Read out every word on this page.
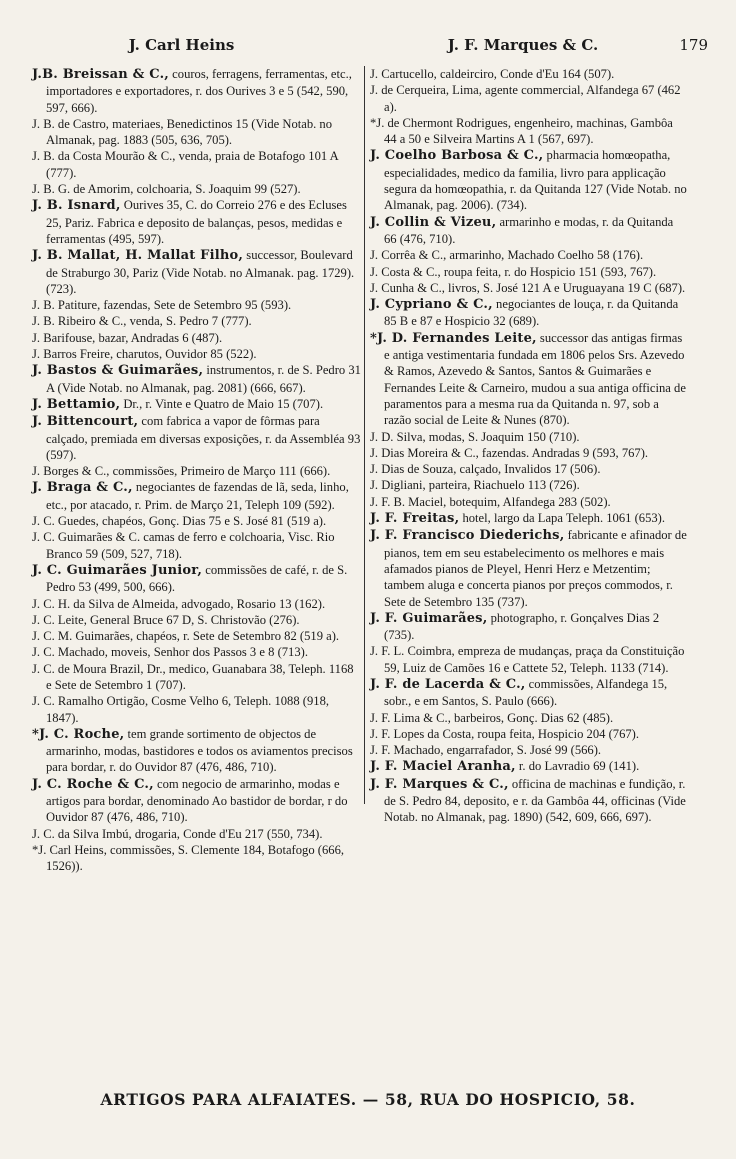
J. Carl Heins	J. F. Marques & C.	179

J.B. Breissan & C., couros, ferragens, ferramentas, etc., importadores e exportadores, r. dos Ourives 3 e 5 (542, 590, 597, 666).

J. B. de Castro, materiaes, Benedictinos 15 (Vide Notab. no Almanak, pag. 1883 (505, 636, 705).

J. B. da Costa Mourão & C., venda, praia de Botafogo 101 A (777).

J. B. G. de Amorim, colchoaria, S. Joaquim 99 (527).

J. B. Isnard, Ourives 35, C. do Correio 276 e des Ecluses 25, Pariz. Fabrica e deposito de balanças, pesos, medidas e ferramentas (495, 597).

J. B. Mallat, H. Mallat Filho, successor, Boulevard de Straburgo 30, Pariz (Vide Notab. no Almanak. pag. 1729). (723).

J. B. Patiture, fazendas, Sete de Setembro 95 (593).

J. B. Ribeiro & C., venda, S. Pedro 7 (777).

J. Barifouse, bazar, Andradas 6 (487).

J. Barros Freire, charutos, Ouvidor 85 (522).

J. Bastos & Guimarães, instrumentos, r. de S. Pedro 31 A (Vide Notab. no Almanak, pag. 2081) (666, 667).

J. Bettamio, Dr., r. Vinte e Quatro de Maio 15 (707).

J. Bittencourt, com fabrica a vapor de fôrmas para calçado, premiada em diversas exposições, r. da Assembléa 93 (597).

J. Borges & C., commissões, Primeiro de Março 111 (666).

J. Braga & C., negociantes de fazendas de lã, seda, linho, etc., por atacado, r. Prim. de Março 21, Teleph 109 (592).

J. C. Guedes, chapéos, Gonç. Dias 75 e S. José 81 (519 a).

J. C. Guimarães & C. camas de ferro e colchoaria, Visc. Rio Branco 59 (509, 527, 718).

J. C. Guimarães Junior, commissões de café, r. de S. Pedro 53 (499, 500, 666).

J. C. H. da Silva de Almeida, advogado, Rosario 13 (162).

J. C. Leite, General Bruce 67 D, S. Christovão (276).

J. C. M. Guimarães, chapéos, r. Sete de Setembro 82 (519 a).

J. C. Machado, moveis, Senhor dos Passos 3 e 8 (713).

J. C. de Moura Brazil, Dr., medico, Guanabara 38, Teleph. 1168 e Sete de Setembro 1 (707).

J. C. Ramalho Ortigão, Cosme Velho 6, Teleph. 1088 (918, 1847).

*J. C. Roche, tem grande sortimento de objectos de armarinho, modas, bastidores e todos os aviamentos precisos para bordar, r. do Ouvidor 87 (476, 486, 710).

J. C. Roche & C., com negocio de armarinho, modas e artigos para bordar, denominado Ao bastidor de bordar, r do Ouvidor 87 (476, 486, 710).

J. C. da Silva Imbú, drogaria, Conde d'Eu 217 (550, 734).

*J. Carl Heins, commissões, S. Clemente 184, Botafogo (666, 1526)).

J. Cartucello, caldeirciro, Conde d'Eu 164 (507).

J. de Cerqueira, Lima, agente commercial, Alfandega 67 (462 a).

*J. de Chermont Rodrigues, engenheiro, machinas, Gambôa 44 a 50 e Silveira Martins A 1 (567, 697).

J. Coelho Barbosa & C., pharmacia homœopatha, especialidades, medico da familia, livro para applicação segura da homœopathia, r. da Quitanda 127 (Vide Notab. no Almanak, pag. 2006). (734).

J. Collin & Vizeu, armarinho e modas, r. da Quitanda 66 (476, 710).

J. Corrêa & C., armarinho, Machado Coelho 58 (176).

J. Costa & C., roupa feita, r. do Hospicio 151 (593, 767).

J. Cunha & C., livros, S. José 121 A e Uruguayana 19 C (687).

J. Cypriano & C., negociantes de louça, r. da Quitanda 85 B e 87 e Hospicio 32 (689).

*J. D. Fernandes Leite, successor das antigas firmas e antiga vestimentaria fundada em 1806 pelos Srs. Azevedo & Ramos, Azevedo & Santos, Santos & Guimarães e Fernandes Leite & Carneiro, mudou a sua antiga officina de paramentos para a mesma rua da Quitanda n. 97, sob a razão social de Leite & Nunes (870).

J. D. Silva, modas, S. Joaquim 150 (710).

J. Dias Moreira & C., fazendas. Andradas 9 (593, 767).

J. Dias de Souza, calçado, Invalidos 17 (506).

J. Digliani, parteira, Riachuelo 113 (726).

J. F. B. Maciel, botequim, Alfandega 283 (502).

J. F. Freitas, hotel, largo da Lapa Teleph. 1061 (653).

J. F. Francisco Diederichs, fabricante e afinador de pianos, tem em seu estabelecimento os melhores e mais afamados pianos de Pleyel, Henri Herz e Metzentim; tambem aluga e concerta pianos por preços commodos, r. Sete de Setembro 135 (737).

J. F. Guimarães, photographo, r. Gonçalves Dias 2 (735).

J. F. L. Coimbra, empreza de mudanças, praça da Constituição 59, Luiz de Camões 16 e Cattete 52, Teleph. 1133 (714).

J. F. de Lacerda & C., commissões, Alfandega 15, sobr., e em Santos, S. Paulo (666).

J. F. Lima & C., barbeiros, Gonç. Dias 62 (485).

J. F. Lopes da Costa, roupa feita, Hospicio 204 (767).

J. F. Machado, engarrafador, S. José 99 (566).

J. F. Maciel Aranha, r. do Lavradio 69 (141).

J. F. Marques & C., officina de machinas e fundição, r. de S. Pedro 84, deposito, e r. da Gambôa 44, officinas (Vide Notab. no Almanak, pag. 1890) (542, 609, 666, 697).

ARTIGOS PARA ALFAIATES. — 58, RUA DO HOSPICIO, 58.
